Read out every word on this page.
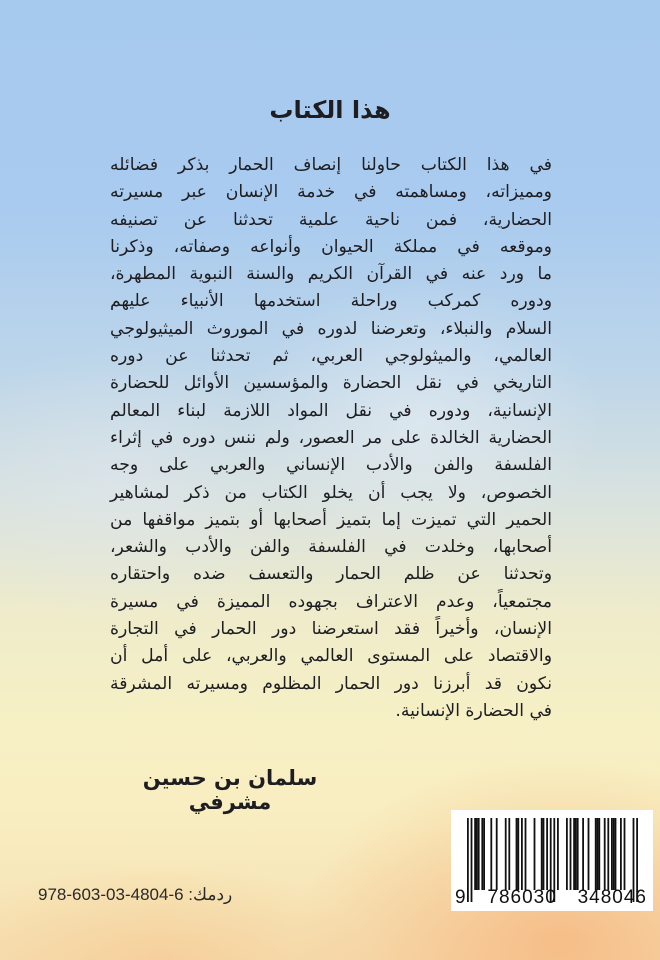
هذا الكتاب
في هذا الكتاب حاولنا إنصاف الحمار بذكر فضائله
ومميزاته، ومساهمته في خدمة الإنسان عبر مسيرته
الحضارية، فمن ناحية علمية تحدثنا عن تصنيفه
وموقعه في مملكة الحيوان وأنواعه وصفاته، وذكرنا
ما ورد عنه في القرآن الكريم والسنة النبوية المطهرة،
ودوره كمركب وراحلة استخدمها الأنبياء عليهم
السلام والنبلاء، وتعرضنا لدوره في الموروث الميثيولوجي
العالمي، والميثولوجي العربي، ثم تحدثنا عن دوره
التاريخي في نقل الحضارة والمؤسسين الأوائل للحضارة
الإنسانية، ودوره في نقل المواد اللازمة لبناء المعالم
الحضارية الخالدة على مر العصور، ولم ننس دوره في إثراء
الفلسفة والفن والأدب الإنساني والعربي على وجه
الخصوص، ولا يجب أن يخلو الكتاب من ذكر لمشاهير
الحمير التي تميزت إما بتميز أصحابها أو بتميز مواقفها من
أصحابها، وخلدت في الفلسفة والفن والأدب والشعر،
وتحدثنا عن ظلم الحمار والتعسف ضده واحتقاره
مجتمعياً، وعدم الاعتراف بجهوده المميزة في مسيرة
الإنسان، وأخيراً فقد استعرضنا دور الحمار في التجارة
والاقتصاد على المستوى العالمي والعربي، على أمل أن
نكون قد أبرزنا دور الحمار المظلوم ومسيرته المشرقة
في الحضارة الإنسانية.
سلمان بن حسين مشرفي
978-603-03-4804-6 ردمك:	9 786030 348046
